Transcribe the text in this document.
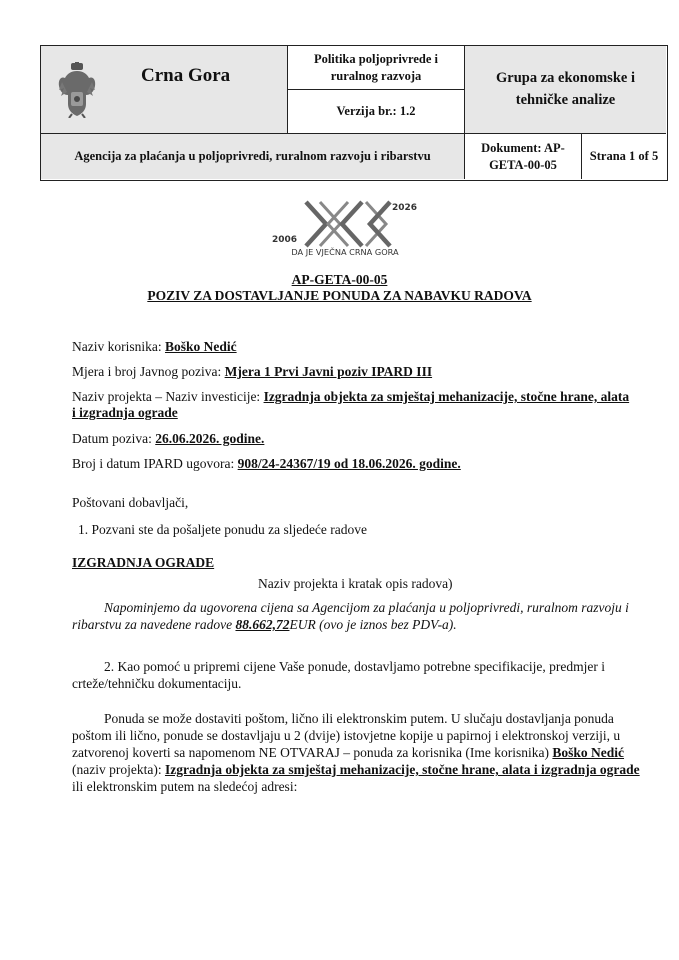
Crna Gora
Politika poljoprivrede i ruralnog razvoja
Verzija br.: 1.2
Grupa za ekonomske i tehničke analize
Agencija za plaćanja u poljoprivredi, ruralnom razvoju i ribarstvu
Dokument: AP-GETA-00-05
Strana 1 of 5
2006
2026
DA JE VJEČNA CRNA GORA
AP-GETA-00-05
POZIV ZA DOSTAVLJANJE PONUDA ZA NABAVKU RADOVA
Naziv korisnika: Boško Nedić
Mjera i broj Javnog poziva: Mjera 1 Prvi Javni poziv IPARD III
Naziv projekta – Naziv investicije: Izgradnja objekta za smještaj mehanizacije, stočne hrane, alata
i izgradnja ograde
Datum poziva: 26.06.2026. godine.
Broj i datum IPARD ugovora: 908/24-24367/19 od 18.06.2026. godine.
Poštovani dobavljači,
1. Pozvani ste da pošaljete ponudu za sljedeće radove
IZGRADNJA OGRADE
Naziv projekta i kratak opis radova)
Napominjemo da ugovorena cijena sa Agencijom za plaćanja u poljoprivredi, ruralnom razvoju i
ribarstvu za navedene radove 88.662,72EUR (ovo je iznos bez PDV-a).
2. Kao pomoć u pripremi cijene Vaše ponude, dostavljamo potrebne specifikacije, predmjer i
crteže/tehničku dokumentaciju.
Ponuda se može dostaviti poštom, lično ili elektronskim putem. U slučaju dostavljanja ponuda
poštom ili lično, ponude se dostavljaju u 2 (dvije) istovjetne kopije u papirnoj i elektronskoj verziji, u
zatvorenoj koverti sa napomenom NE OTVARAJ – ponuda za korisnika (Ime korisnika) Boško Nedić
(naziv projekta): Izgradnja objekta za smještaj mehanizacije, stočne hrane, alata i izgradnja ograde
ili elektronskim putem na sledećoj adresi:
